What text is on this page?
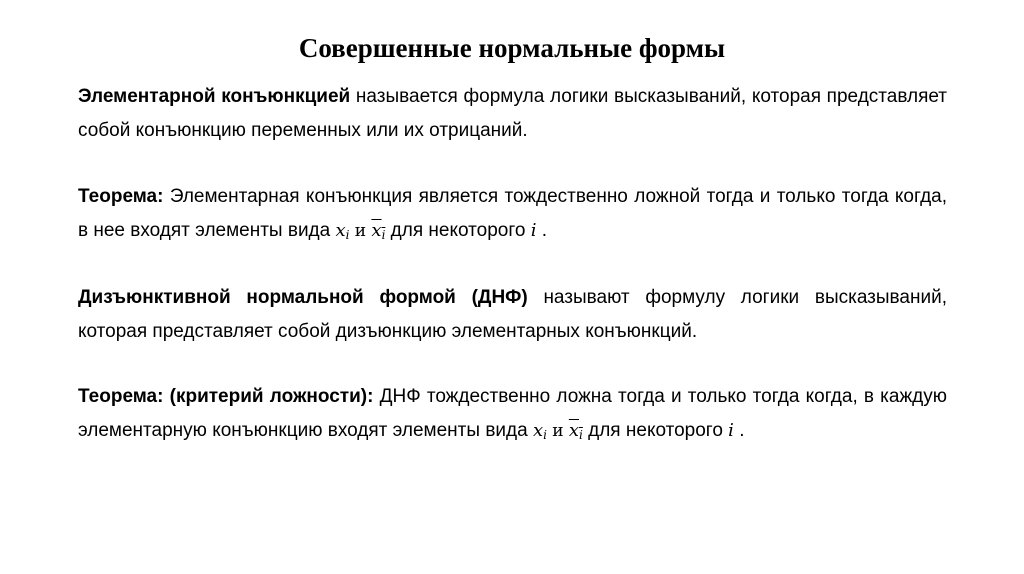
Совершенные нормальные формы
Элементарной конъюнкцией называется формула логики высказываний, которая представляет собой конъюнкцию переменных или их отрицаний.
Теорема: Элементарная конъюнкция является тождественно ложной тогда и только тогда когда, в нее входят элементы вида $x_i$ и $x_i$ для некоторого i .
Дизъюнктивной нормальной формой (ДНФ) называют формулу логики высказываний, которая представляет собой дизъюнкцию элементарных конъюнкций.
Теорема: (критерий ложности): ДНФ тождественно ложна тогда и только тогда когда, в каждую элементарную конъюнкцию входят элементы вида $x_i$ и $x_i$ для некоторого i .
